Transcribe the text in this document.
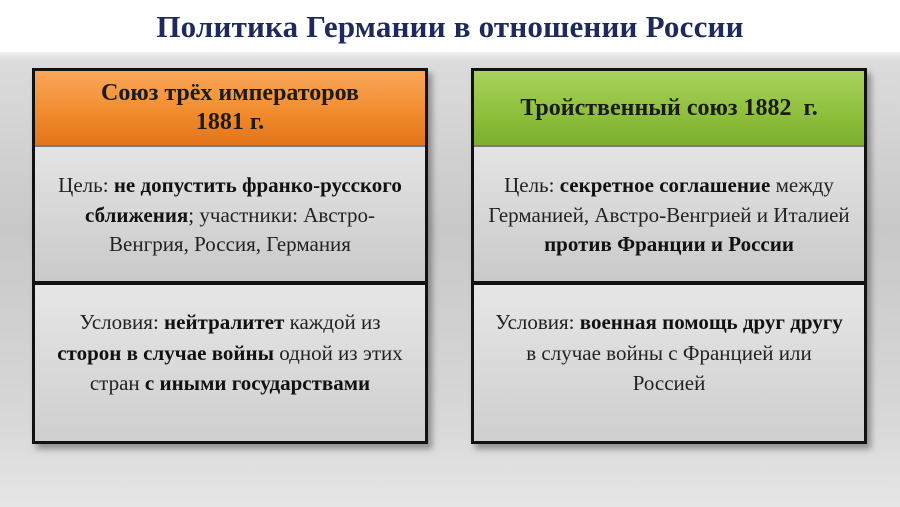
Политика Германии в отношении России
Союз трёх императоров
1881 г.
Цель: не допустить франко-русского сближения; участники: Австро-Венгрия, Россия, Германия
Условия: нейтралитет каждой из сторон в случае войны одной из этих стран с иными государствами
Тройственный союз 1882  г.
Цель: секретное соглашение между Германией, Австро-Венгрией и Италией против Франции и России
Условия: военная помощь друг другу в случае войны с Францией или Россией
